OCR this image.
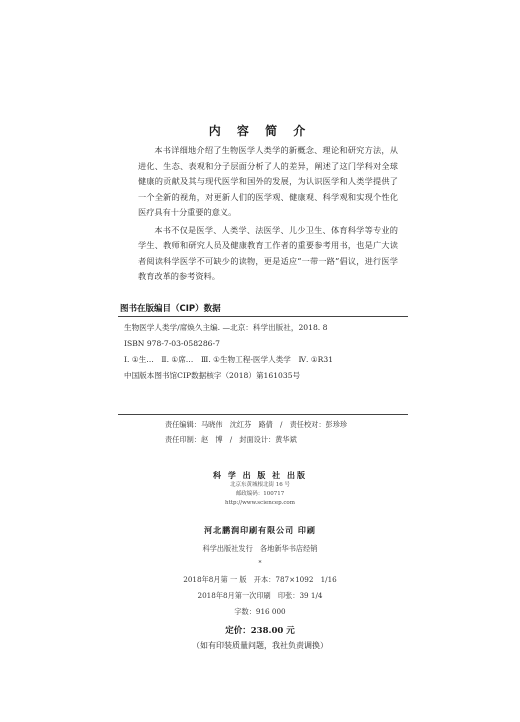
内 容 简 介

本书详细地介绍了生物医学人类学的新概念、理论和研究方法，从进化、生态、表观和分子层面分析了人的差异，阐述了这门学科对全球健康的贡献及其与现代医学和国外的发展，为认识医学和人类学提供了一个全新的视角，对更新人们的医学观、健康观、科学观和实现个性化医疗具有十分重要的意义。

本书不仅是医学、人类学、法医学、儿少卫生、体育科学等专业的学生、教师和研究人员及健康教育工作者的重要参考用书，也是广大读者阅读科学医学不可缺少的读物，更是适应“一带一路”倡议，进行医学教育改革的参考资料。

图书在版编目（CIP）数据
生物医学人类学/席焕久主编. —北京：科学出版社，2018. 8
ISBN 978-7-03-058286-7
Ⅰ. ①生…　Ⅱ. ①席…　Ⅲ. ①生物工程-医学人类学　Ⅳ. ①R31
中国版本图书馆CIP数据核字（2018）第161035号
责任编辑：马晓伟　沈红芬　路倩　/　责任校对：彭珍珍
责任印制：赵　博　/　封面设计：黄华斌
科 学 出 版 社 出版
北京东黄城根北街 16 号
邮政编码：100717
http://www.sciencep.com
河北鹏润印刷有限公司 印刷
科学出版社发行　各地新华书店经销
*
2018年8月第 一 版　开本：787×1092　1/16
2018年8月第一次印刷　印张：39 1/4
字数：916 000
定价：238.00 元
（如有印装质量问题，我社负责调换）
